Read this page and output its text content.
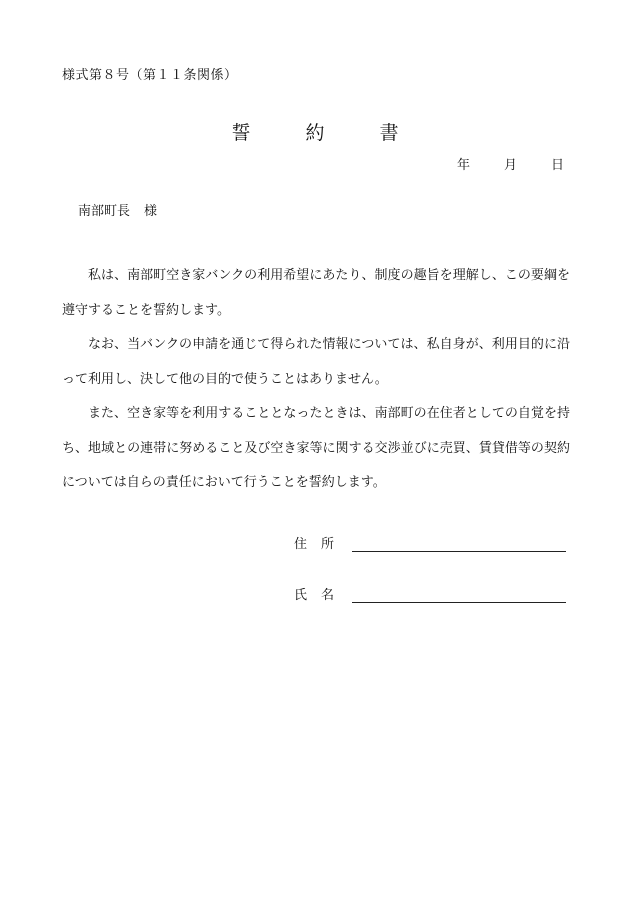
様式第８号（第１１条関係）
誓　約　書
年	月	日
南部町長 様

私は、南部町空き家バンクの利用希望にあたり、制度の趣旨を理解し、この要綱を遵守することを誓約します。

なお、当バンクの申請を通じて得られた情報については、私自身が、利用目的に沿って利用し、決して他の目的で使うことはありません。

また、空き家等を利用することとなったときは、南部町の在住者としての自覚を持ち、地域との連帯に努めること及び空き家等に関する交渉並びに売買、賃貸借等の契約については自らの責任において行うことを誓約します。

住所
氏名
